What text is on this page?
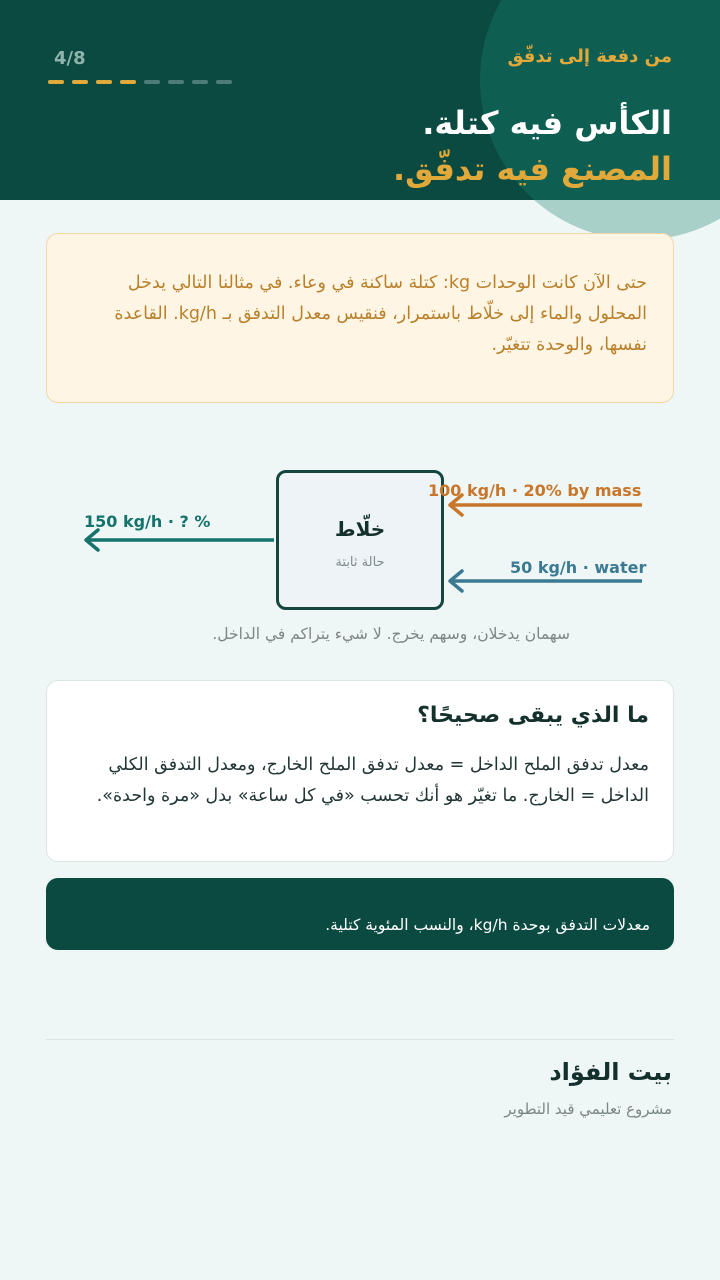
4/8	من دفعة إلى تدفّق
الكأس فيه كتلة.
المصنع فيه تدفّق.

حتى الآن كانت الوحدات kg: كتلة ساكنة في وعاء. في مثالنا التالي يدخل المحلول والماء إلى خلّاط باستمرار، فنقيس معدل التدفق بـ kg/h. القاعدة نفسها، والوحدة تتغيّر.

خلّاط
حالة ثابتة
100 kg/h · 20% by mass
50 kg/h · water
150 kg/h · ? %
سهمان يدخلان، وسهم يخرج. لا شيء يتراكم في الداخل.
ما الذي يبقى صحيحًا؟

معدل تدفق الملح الداخل = معدل تدفق الملح الخارج، ومعدل التدفق الكلي الداخل = الخارج. ما تغيّر هو أنك تحسب «في كل ساعة» بدل «مرة واحدة».

معدلات التدفق بوحدة kg/h، والنسب المئوية كتلية.
بيت الفؤاد
مشروع تعليمي قيد التطوير
